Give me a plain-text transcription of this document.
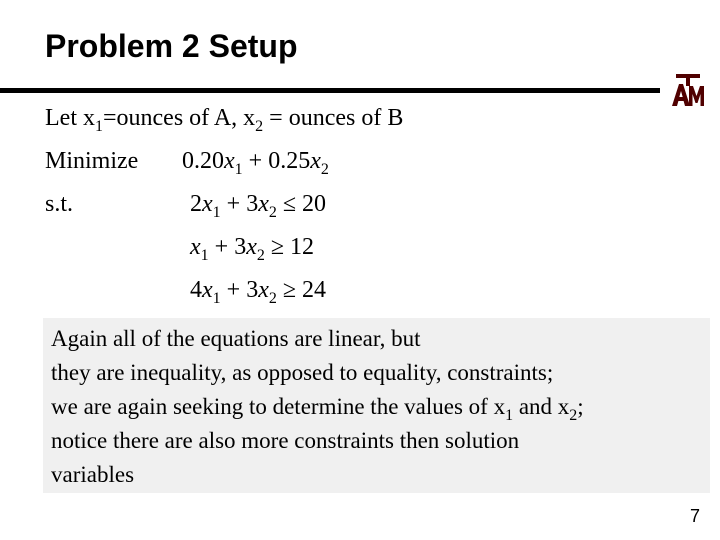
Problem 2 Setup
Let $x_1=ounces$ of A, $x_2$ = ounces of B
Minimize $0.20x_1 + 0.25x_2$
s.t.	$2x_1 + 3x_2 \le 20$
$x_1 + 3x_2 \ge 12$
$4x_1 + 3x_2 \ge 24$
Again all of the equations are linear, but
they are inequality, as opposed to equality, constraints;
we are again seeking to determine the values of $x_1$ and $x_2$;
notice there are also more constraints then solution
variables
7
